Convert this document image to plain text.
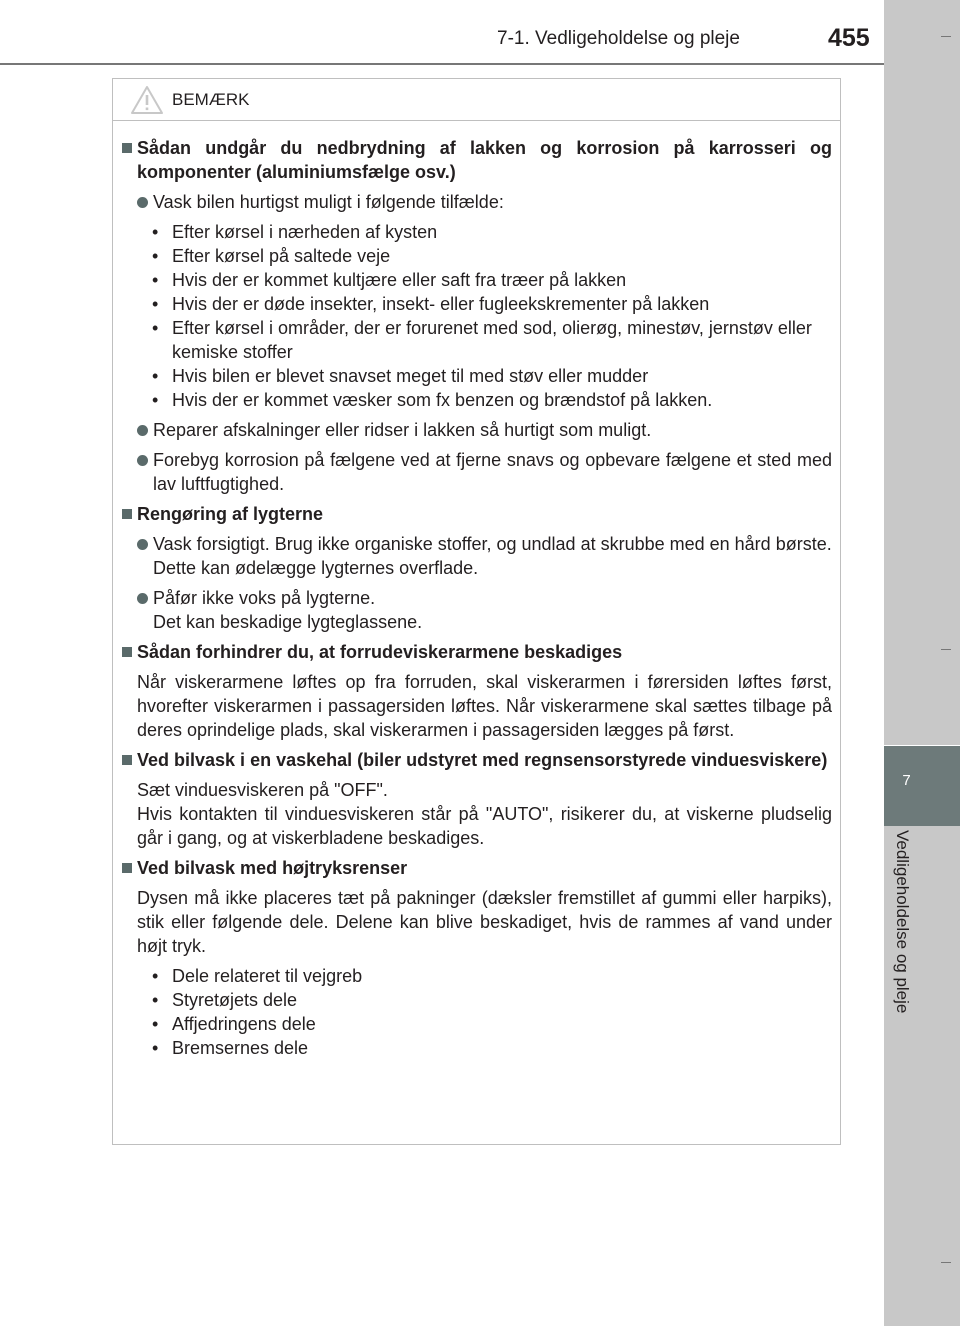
7-1. Vedligeholdelse og pleje	455
7
Vedligeholdelse og pleje
BEMÆRK
Sådan undgår du nedbrydning af lakken og korrosion på karrosseri og komponenter (aluminiumsfælge osv.)
Vask bilen hurtigst muligt i følgende tilfælde:
• Efter kørsel i nærheden af kysten
• Efter kørsel på saltede veje
• Hvis der er kommet kultjære eller saft fra træer på lakken
• Hvis der er døde insekter, insekt- eller fugleekskrementer på lakken
• Efter kørsel i områder, der er forurenet med sod, olierøg, minestøv, jernstøv eller kemiske stoffer
• Hvis bilen er blevet snavset meget til med støv eller mudder
• Hvis der er kommet væsker som fx benzen og brændstof på lakken.
Reparer afskalninger eller ridser i lakken så hurtigt som muligt.
Forebyg korrosion på fælgene ved at fjerne snavs og opbevare fælgene et sted med lav luftfugtighed.
Rengøring af lygterne
Vask forsigtigt. Brug ikke organiske stoffer, og undlad at skrubbe med en hård børste.
Dette kan ødelægge lygternes overflade.
Påfør ikke voks på lygterne.
Det kan beskadige lygteglassene.
Sådan forhindrer du, at forrudeviskerarmene beskadiges
Når viskerarmene løftes op fra forruden, skal viskerarmen i førersiden løftes først, hvorefter viskerarmen i passagersiden løftes. Når viskerarmene skal sættes tilbage på deres oprindelige plads, skal viskerarmen i passagersiden lægges på først.
Ved bilvask i en vaskehal (biler udstyret med regnsensorstyrede vinduesviskere)
Sæt vinduesviskeren på "OFF".
Hvis kontakten til vinduesviskeren står på "AUTO", risikerer du, at viskerne pludselig går i gang, og at viskerbladene beskadiges.
Ved bilvask med højtryksrenser
Dysen må ikke placeres tæt på pakninger (dæksler fremstillet af gummi eller harpiks), stik eller følgende dele. Delene kan blive beskadiget, hvis de rammes af vand under højt tryk.
• Dele relateret til vejgreb
• Styretøjets dele
• Affjedringens dele
• Bremsernes dele
